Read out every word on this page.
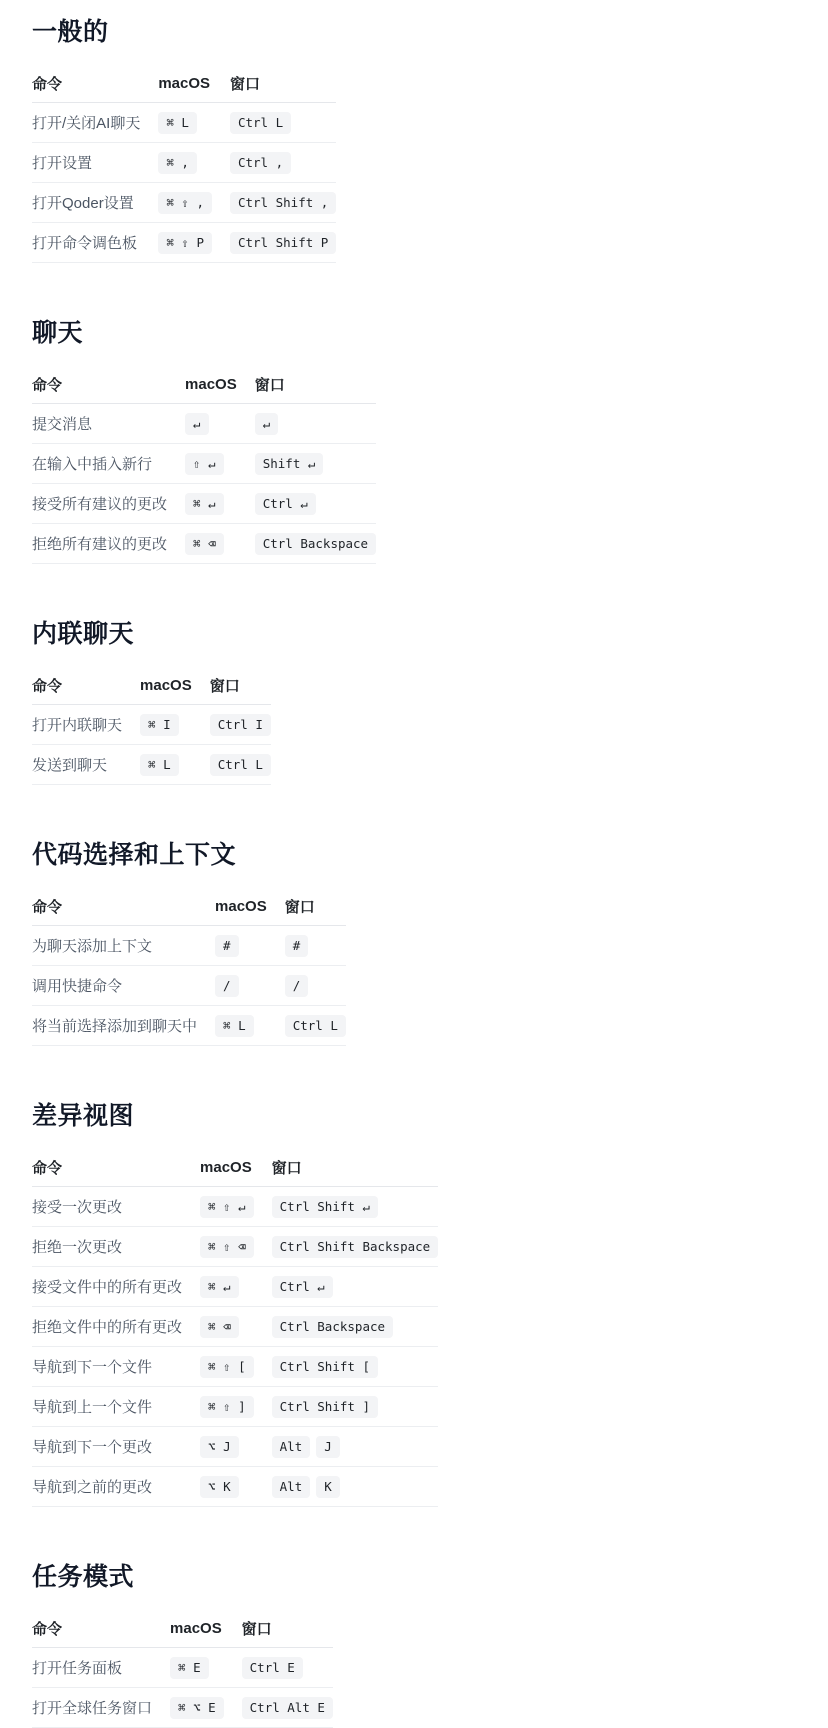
一般的
命令	macOS	窗口
打开/关闭AI聊天	⌘ L	Ctrl L
打开设置	⌘ ,	Ctrl ,
打开Qoder设置	⌘ ⇧ ,	Ctrl Shift ,
打开命令调色板	⌘ ⇧ P	Ctrl Shift P
聊天
命令	macOS	窗口
提交消息	↵	↵
在输入中插入新行	⇧ ↵	Shift ↵
接受所有建议的更改	⌘ ↵	Ctrl ↵
拒绝所有建议的更改	⌘ ⌫	Ctrl Backspace
内联聊天
命令	macOS	窗口
打开内联聊天	⌘ I	Ctrl I
发送到聊天	⌘ L	Ctrl L
代码选择和上下文
命令	macOS	窗口
为聊天添加上下文	#	#
调用快捷命令	/	/
将当前选择添加到聊天中	⌘ L	Ctrl L
差异视图
命令	macOS	窗口
接受一次更改	⌘ ⇧ ↵	Ctrl Shift ↵
拒绝一次更改	⌘ ⇧ ⌫	Ctrl Shift Backspace
接受文件中的所有更改	⌘ ↵	Ctrl ↵
拒绝文件中的所有更改	⌘ ⌫	Ctrl Backspace
导航到下一个文件	⌘ ⇧ [	Ctrl Shift [
导航到上一个文件	⌘ ⇧ ]	Ctrl Shift ]
导航到下一个更改	⌥ J	Alt J
导航到之前的更改	⌥ K	Alt K
任务模式
命令	macOS	窗口
打开任务面板	⌘ E	Ctrl E
打开全球任务窗口	⌘ ⌥ E	Ctrl Alt E
